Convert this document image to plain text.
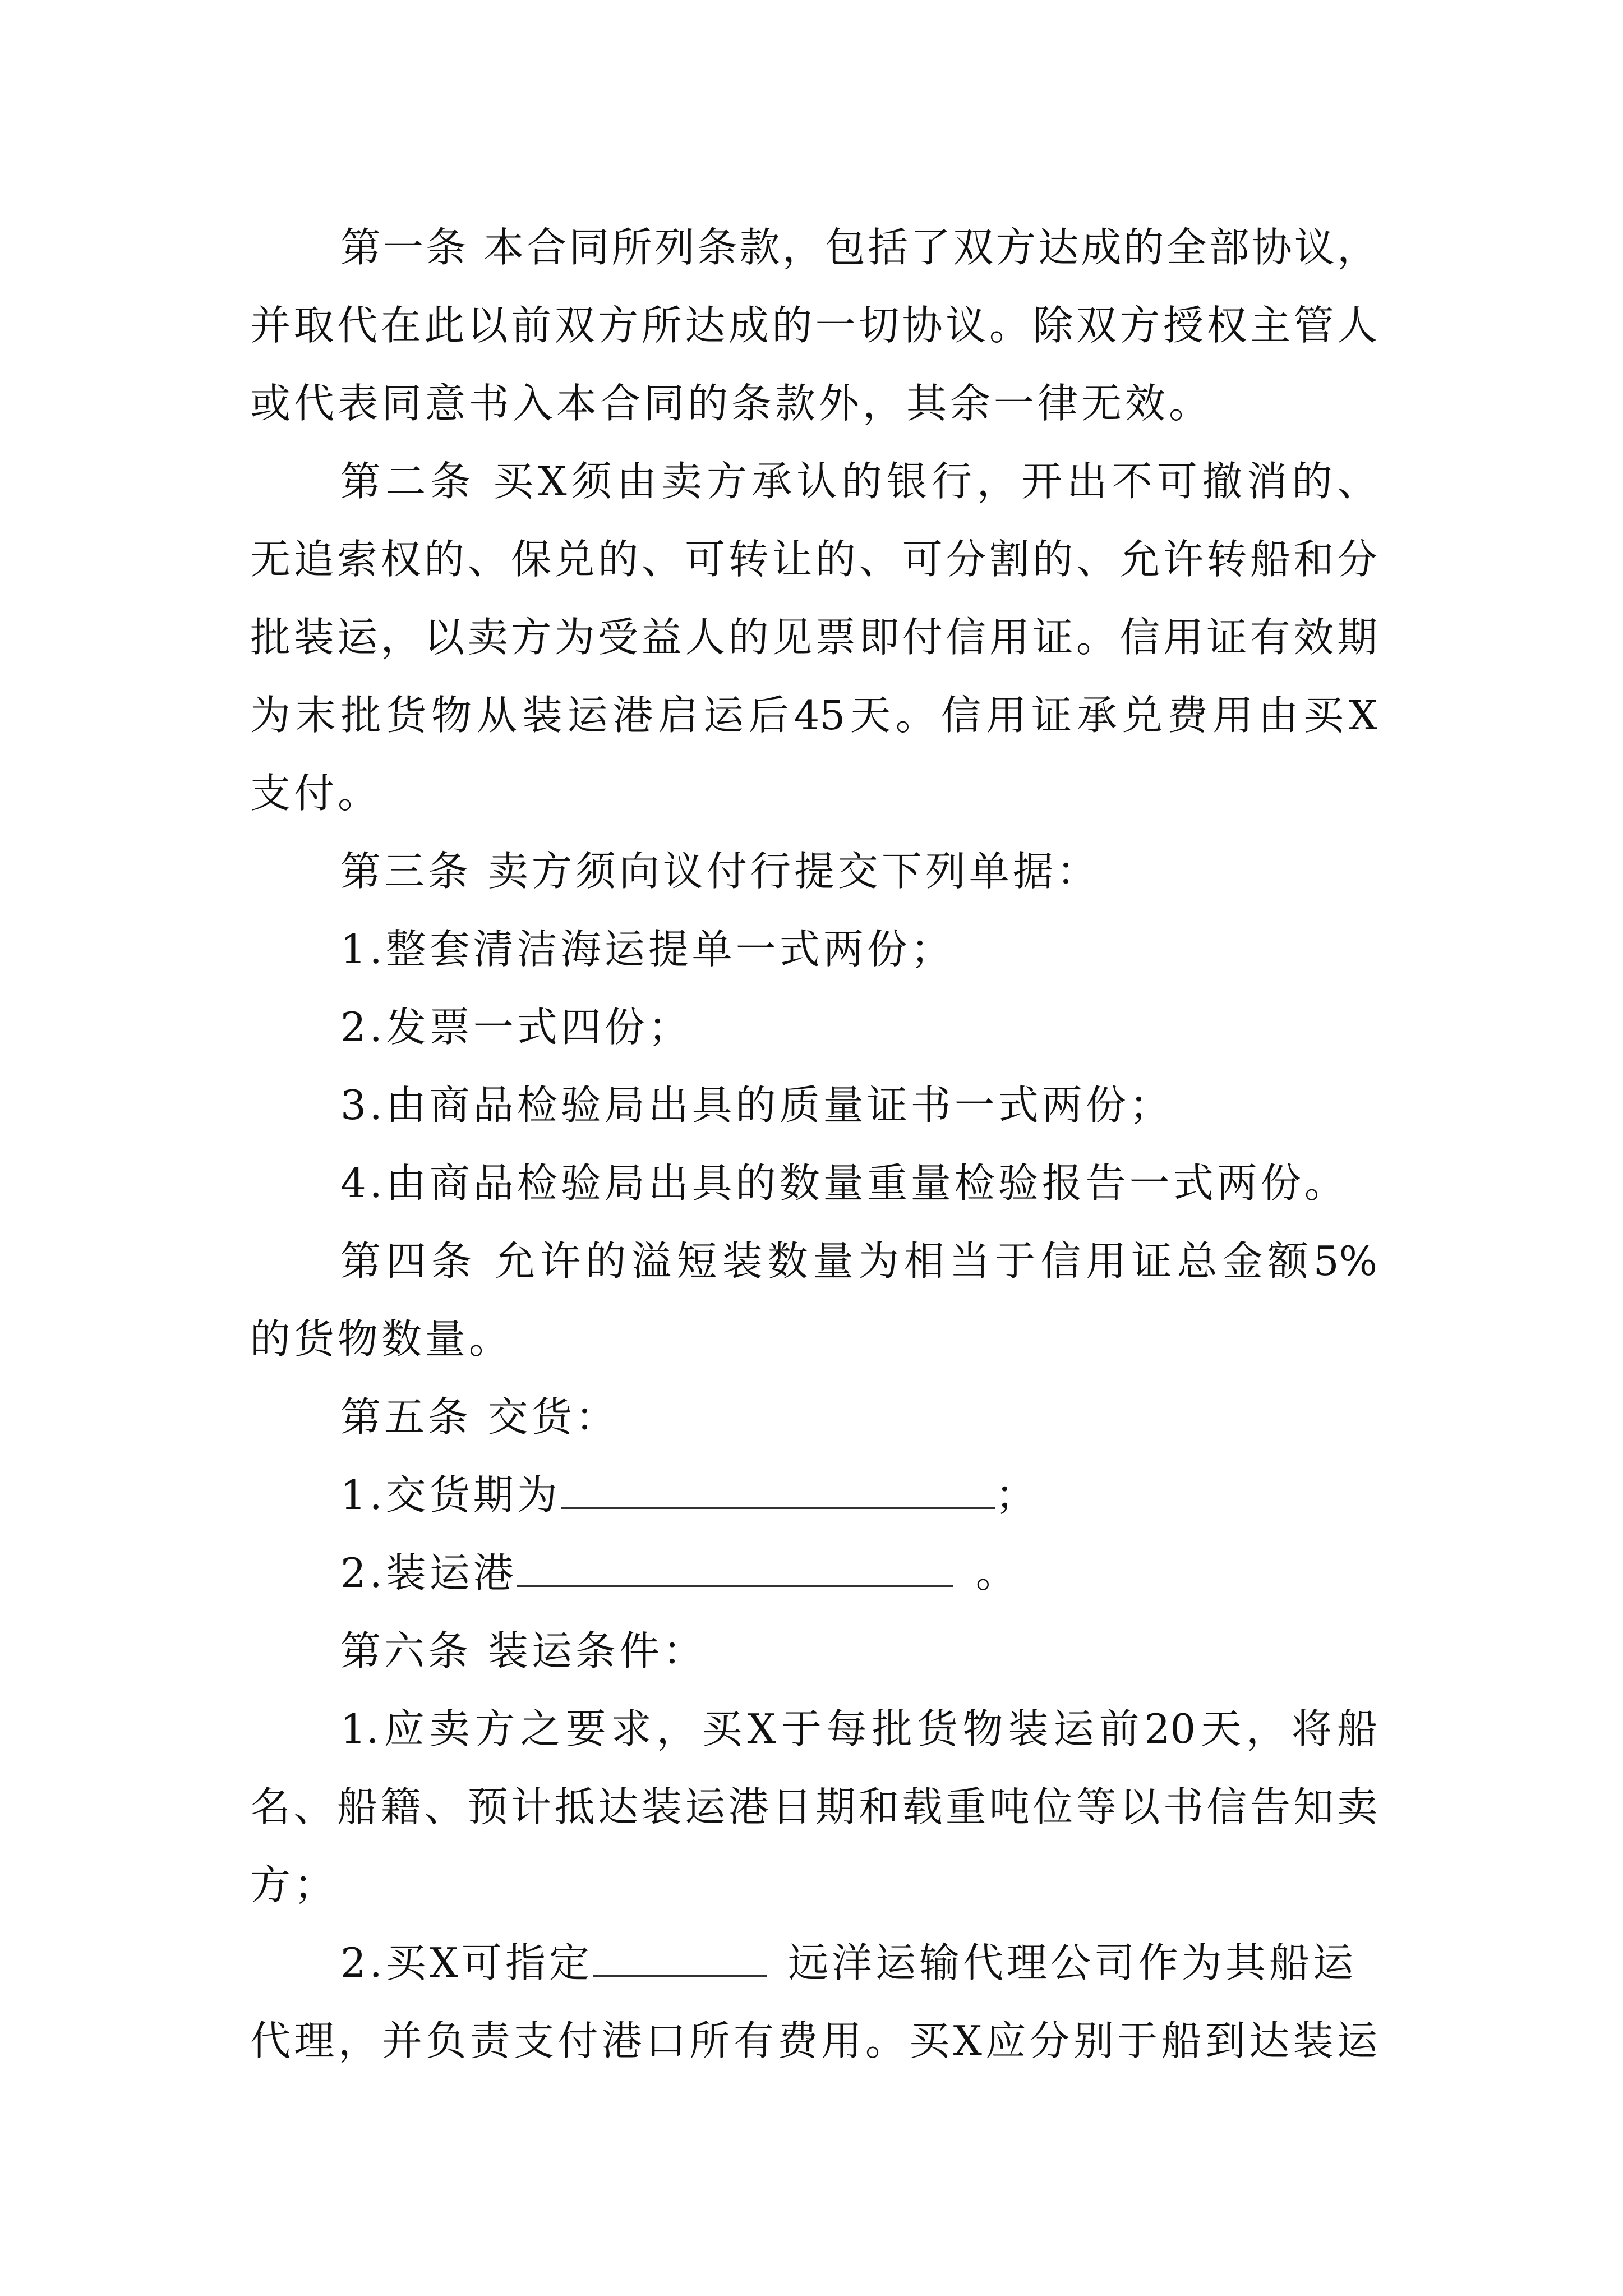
第一条 本合同所列条款，包括了双方达成的全部协议，
并取代在此以前双方所达成的一切协议。除双方授权主管人
或代表同意书入本合同的条款外，其余一律无效。
第二条 买X须由卖方承认的银行，开出不可撤消的、
无追索权的、保兑的、可转让的、可分割的、允许转船和分
批装运，以卖方为受益人的见票即付信用证。信用证有效期
为末批货物从装运港启运后45天。信用证承兑费用由买X
支付。
第三条 卖方须向议付行提交下列单据：
1.整套清洁海运提单一式两份；
2.发票一式四份；
3.由商品检验局出具的质量证书一式两份；
4.由商品检验局出具的数量重量检验报告一式两份。
第四条 允许的溢短装数量为相当于信用证总金额5%
的货物数量。
第五条 交货：
1.交货期为	；
2.装运港	。
第六条 装运条件：
1.应卖方之要求，买X于每批货物装运前20天，将船
名、船籍、预计抵达装运港日期和载重吨位等以书信告知卖
方；
2.买X可指定	远洋运输代理公司作为其船运
代理，并负责支付港口所有费用。买X应分别于船到达装运
